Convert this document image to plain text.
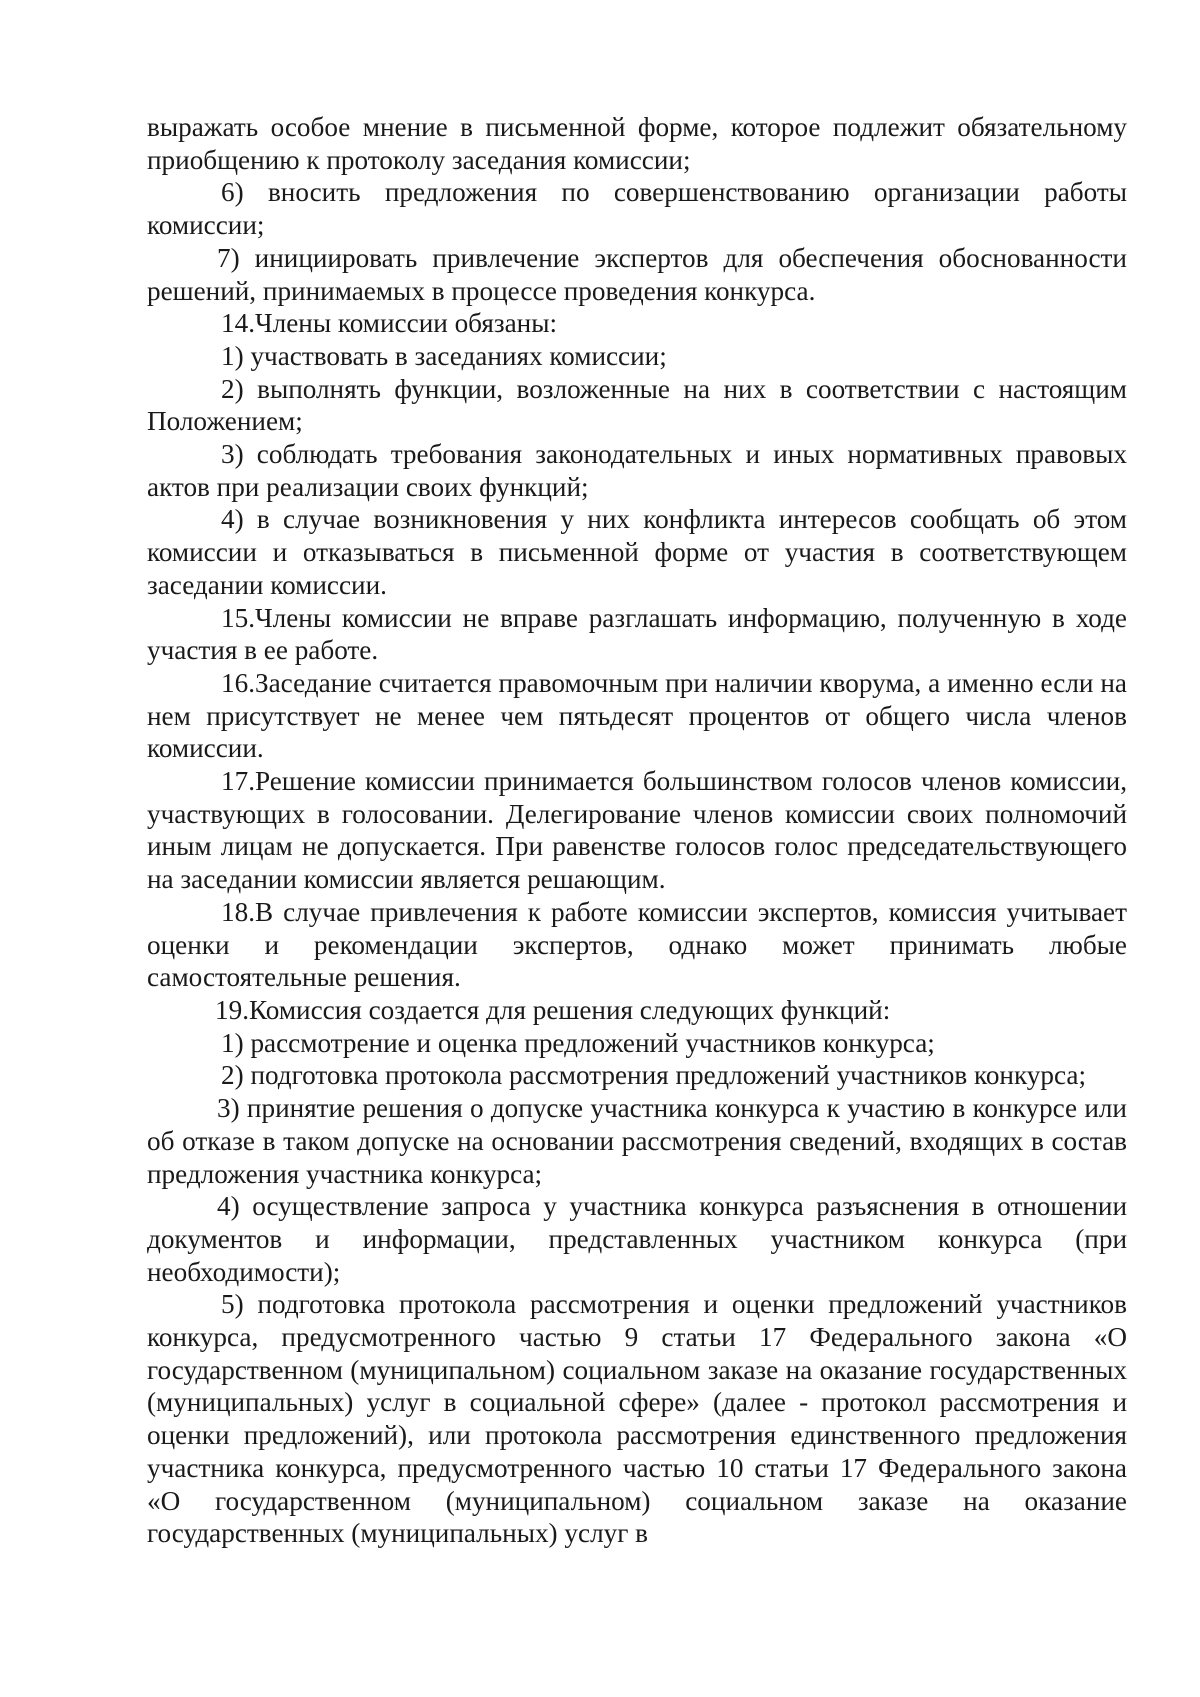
выражать особое мнение в письменной форме, которое подлежит обязательному приобщению к протоколу заседания комиссии;

6) вносить предложения по совершенствованию организации работы комиссии;

7) инициировать привлечение экспертов для обеспечения обоснованности решений, принимаемых в процессе проведения конкурса.

14.Члены комиссии обязаны:

1) участвовать в заседаниях комиссии;

2) выполнять функции, возложенные на них в соответствии с настоящим Положением;

3) соблюдать требования законодательных и иных нормативных правовых актов при реализации своих функций;

4) в случае возникновения у них конфликта интересов сообщать об этом комиссии и отказываться в письменной форме от участия в соответствующем заседании комиссии.

15.Члены комиссии не вправе разглашать информацию, полученную в ходе участия в ее работе.

16.Заседание считается правомочным при наличии кворума, а именно если на нем присутствует не менее чем пятьдесят процентов от общего числа членов комиссии.

17.Решение комиссии принимается большинством голосов членов комиссии, участвующих в голосовании. Делегирование членов комиссии своих полномочий иным лицам не допускается. При равенстве голосов голос председательствующего на заседании комиссии является решающим.

18.В случае привлечения к работе комиссии экспертов, комиссия учитывает оценки и рекомендации экспертов, однако может принимать любые самостоятельные решения.

19.Комиссия создается для решения следующих функций:

1) рассмотрение и оценка предложений участников конкурса;

2) подготовка протокола рассмотрения предложений участников конкурса;

3) принятие решения о допуске участника конкурса к участию в конкурсе или об отказе в таком допуске на основании рассмотрения сведений, входящих в состав предложения участника конкурса;

4) осуществление запроса у участника конкурса разъяснения в отношении документов и информации, представленных участником конкурса (при необходимости);

5) подготовка протокола рассмотрения и оценки предложений участников конкурса, предусмотренного частью 9 статьи 17 Федерального закона «О государственном (муниципальном) социальном заказе на оказание государственных (муниципальных) услуг в социальной сфере» (далее - протокол рассмотрения и оценки предложений), или протокола рассмотрения единственного предложения участника конкурса, предусмотренного частью 10 статьи 17 Федерального закона «О государственном (муниципальном) социальном заказе на оказание государственных (муниципальных) услуг в
